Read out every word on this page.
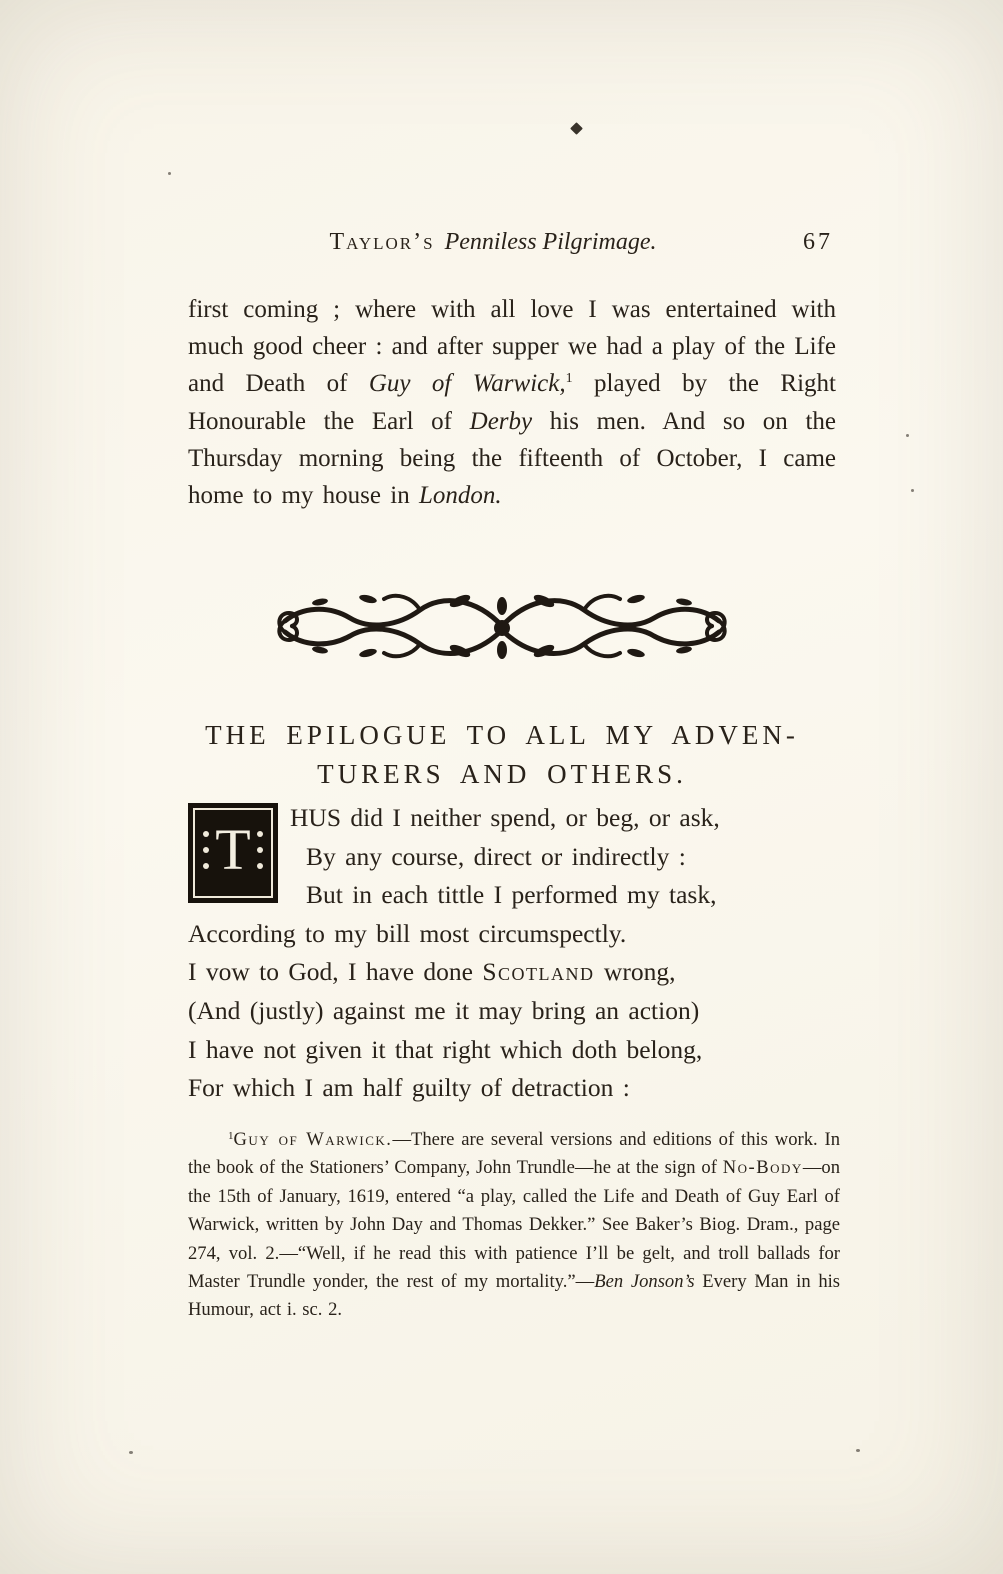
Taylor’s Penniless Pilgrimage.	67

first coming ; where with all love I was entertained with much good cheer : and after supper we had a play of the Life and Death of Guy of Warwick,$^1$ played by the Right Honourable the Earl of Derby his men. And so on the Thursday morning being the fifteenth of October, I came home to my house in London.

THE EPILOGUE TO ALL MY ADVEN-
TURERS AND OTHERS.
T HUS did I neither spend, or beg, or ask,
By any course, direct or indirectly :
But in each tittle I performed my task,
According to my bill most circumspectly.
I vow to God, I have done Scotland wrong,
(And (justly) against me it may bring an action)
I have not given it that right which doth belong,
For which I am half guilty of detraction :

$^1$Guy of Warwick.—There are several versions and editions of this work. In the book of the Stationers’ Company, John Trundle—he at the sign of No-Body—on the 15th of January, 1619, entered “a play, called the Life and Death of Guy Earl of Warwick, written by John Day and Thomas Dekker.” See Baker’s Biog. Dram., page 274, vol. 2.—“Well, if he read this with patience I’ll be gelt, and troll ballads for Master Trundle yonder, the rest of my mortality.”—Ben Jonson’s Every Man in his Humour, act i. sc. 2.
